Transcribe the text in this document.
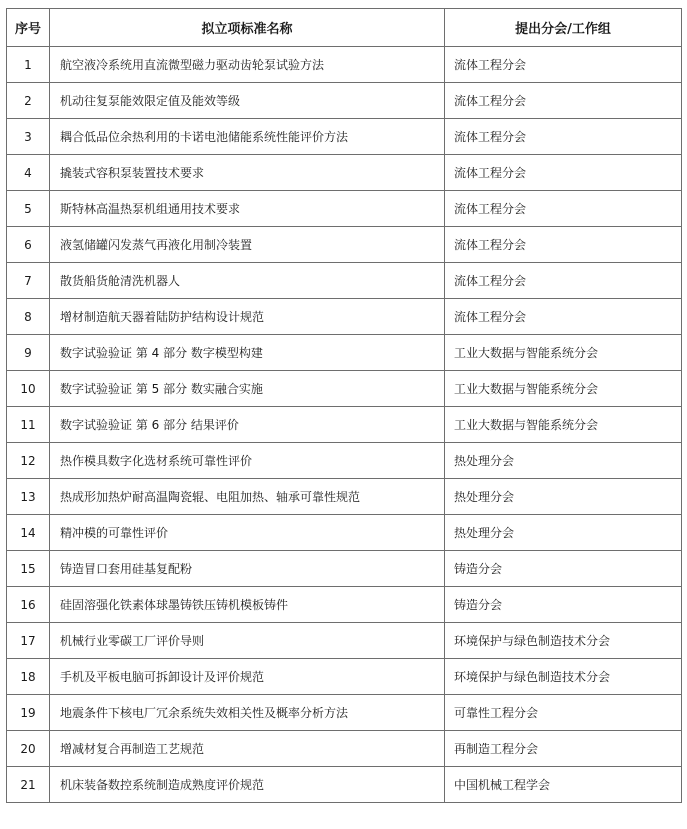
序号	拟立项标准名称	提出分会/工作组
1	航空液冷系统用直流微型磁力驱动齿轮泵试验方法	流体工程分会
2	机动往复泵能效限定值及能效等级	流体工程分会
3	耦合低品位余热利用的卡诺电池储能系统性能评价方法	流体工程分会
4	撬装式容积泵装置技术要求	流体工程分会
5	斯特林高温热泵机组通用技术要求	流体工程分会
6	液氢储罐闪发蒸气再液化用制冷装置	流体工程分会
7	散货船货舱清洗机器人	流体工程分会
8	增材制造航天器着陆防护结构设计规范	流体工程分会
9	数字试验验证 第 4 部分 数字模型构建	工业大数据与智能系统分会
10	数字试验验证 第 5 部分 数实融合实施	工业大数据与智能系统分会
11	数字试验验证 第 6 部分 结果评价	工业大数据与智能系统分会
12	热作模具数字化选材系统可靠性评价	热处理分会
13	热成形加热炉耐高温陶瓷辊、电阻加热、轴承可靠性规范	热处理分会
14	精冲模的可靠性评价	热处理分会
15	铸造冒口套用硅基复配粉	铸造分会
16	硅固溶强化铁素体球墨铸铁压铸机模板铸件	铸造分会
17	机械行业零碳工厂评价导则	环境保护与绿色制造技术分会
18	手机及平板电脑可拆卸设计及评价规范	环境保护与绿色制造技术分会
19	地震条件下核电厂冗余系统失效相关性及概率分析方法	可靠性工程分会
20	增减材复合再制造工艺规范	再制造工程分会
21	机床装备数控系统制造成熟度评价规范	中国机械工程学会
